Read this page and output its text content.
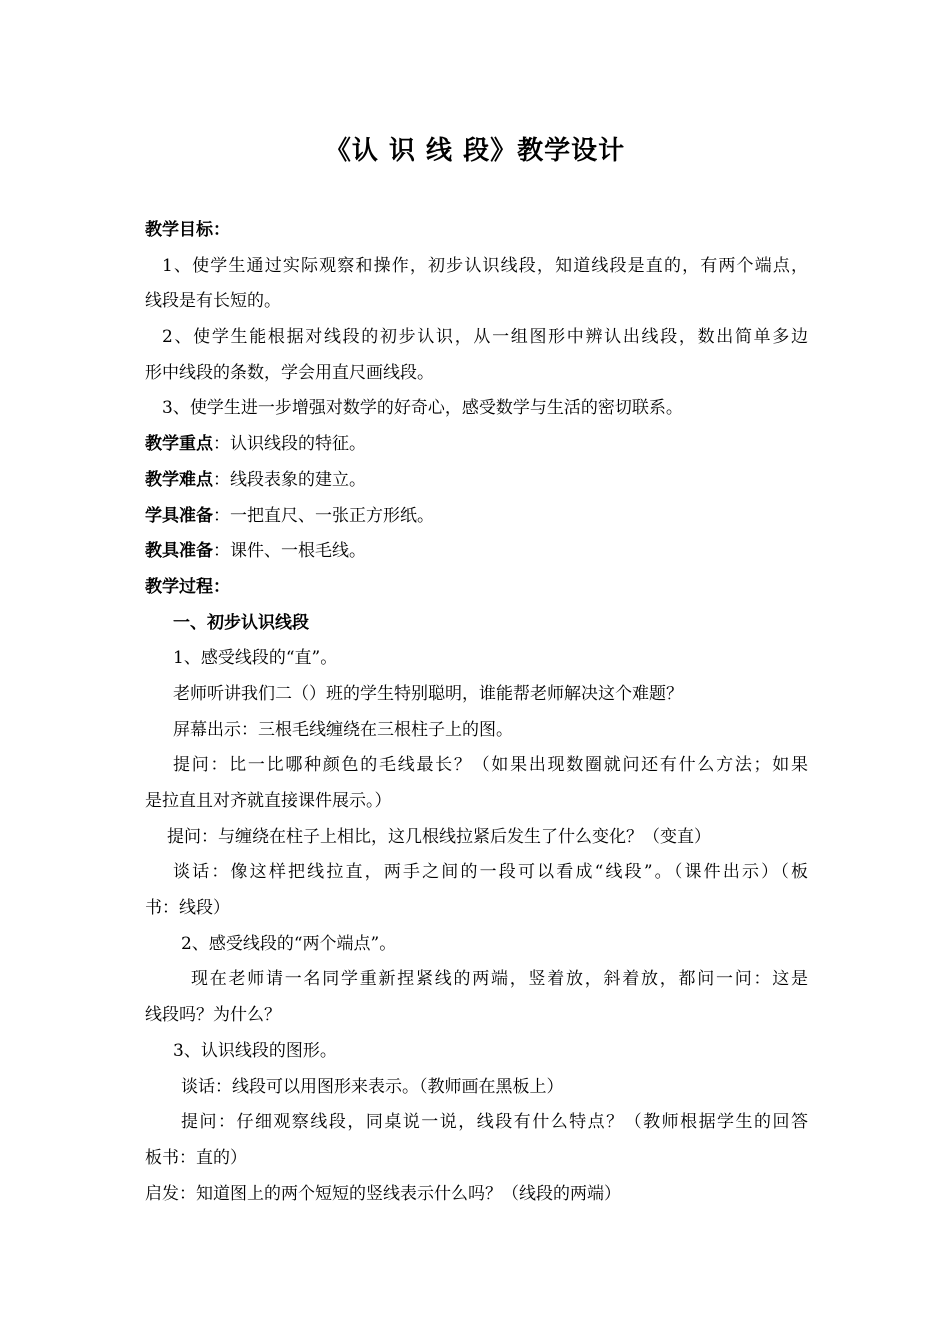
《认 识 线 段》教学设计
教学目标：
1、使学生通过实际观察和操作，初步认识线段，知道线段是直的，有两个端点，
线段是有长短的。
2、使学生能根据对线段的初步认识，从一组图形中辨认出线段，数出简单多边
形中线段的条数，学会用直尺画线段。
3、使学生进一步增强对数学的好奇心，感受数学与生活的密切联系。
教学重点：认识线段的特征。
教学难点：线段表象的建立。
学具准备：一把直尺、一张正方形纸。
教具准备：课件、一根毛线。
教学过程：
一、初步认识线段
1、感受线段的“直”。
老师听讲我们二（）班的学生特别聪明，谁能帮老师解决这个难题？
屏幕出示：三根毛线缠绕在三根柱子上的图。
提问：比一比哪种颜色的毛线最长？（如果出现数圈就问还有什么方法；如果
是拉直且对齐就直接课件展示。）
提问：与缠绕在柱子上相比，这几根线拉紧后发生了什么变化？（变直）
谈话：像这样把线拉直，两手之间的一段可以看成“线段”。（课件出示）（板
书：线段）
2、感受线段的“两个端点”。
现在老师请一名同学重新捏紧线的两端，竖着放，斜着放，都问一问：这是
线段吗？为什么？
3、认识线段的图形。
谈话：线段可以用图形来表示。（教师画在黑板上）
提问：仔细观察线段，同桌说一说，线段有什么特点？（教师根据学生的回答
板书：直的）
启发：知道图上的两个短短的竖线表示什么吗？（线段的两端）
